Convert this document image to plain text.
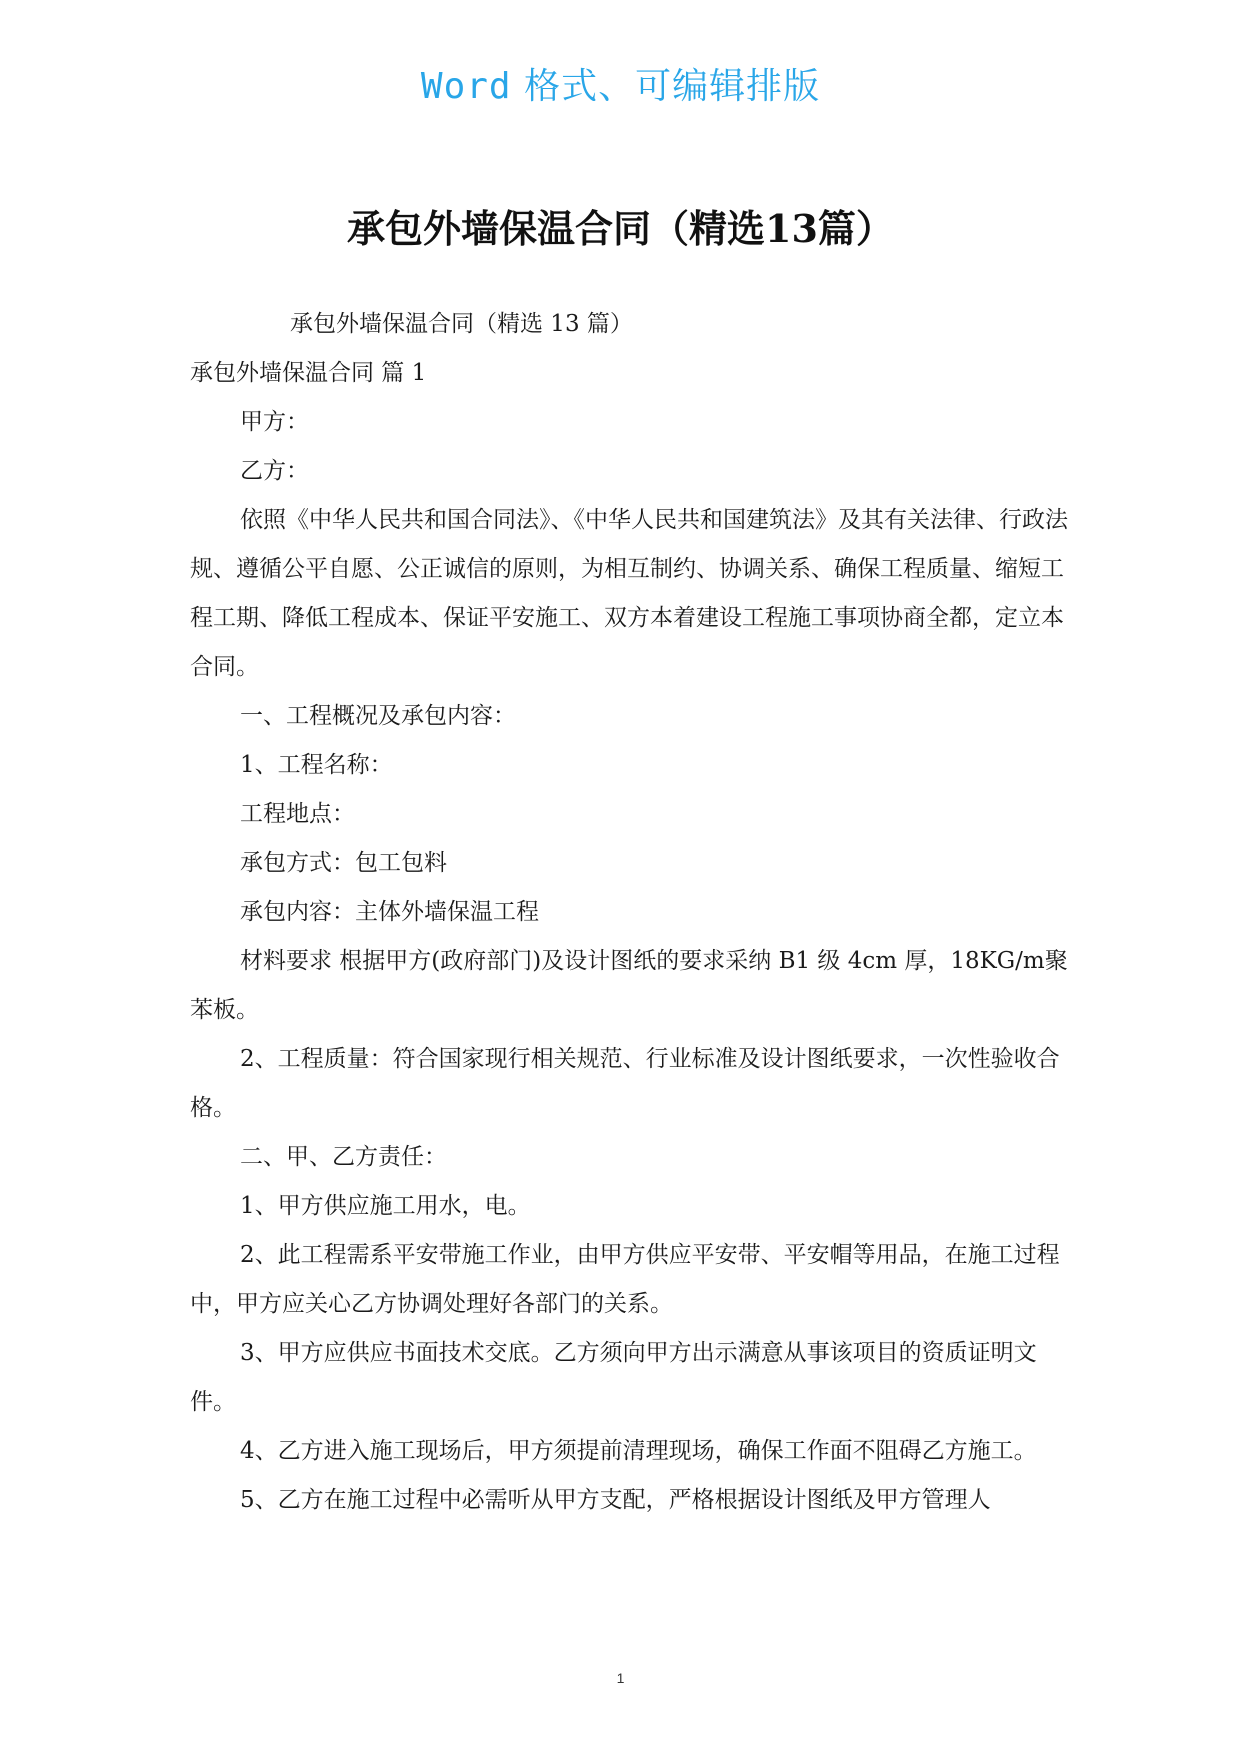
Word 格式、可编辑排版
承包外墙保温合同（精选13篇）

承包外墙保温合同（精选 13 篇）

承包外墙保温合同 篇 1

甲方：

乙方：

依照《中华人民共和国合同法》、《中华人民共和国建筑法》及其有关法律、行政法规、遵循公平自愿、公正诚信的原则，为相互制约、协调关系、确保工程质量、缩短工程工期、降低工程成本、保证平安施工、双方本着建设工程施工事项协商全都，定立本合同。

一、工程概况及承包内容：

1、工程名称：

工程地点：

承包方式：包工包料

承包内容：主体外墙保温工程

材料要求 根据甲方(政府部门)及设计图纸的要求采纳 B1 级 4cm 厚，18KG/m聚苯板。

2、工程质量：符合国家现行相关规范、行业标准及设计图纸要求，一次性验收合格。

二、甲、乙方责任：

1、甲方供应施工用水，电。

2、此工程需系平安带施工作业，由甲方供应平安带、平安帽等用品，在施工过程中，甲方应关心乙方协调处理好各部门的关系。

3、甲方应供应书面技术交底。乙方须向甲方出示满意从事该项目的资质证明文件。

4、乙方进入施工现场后，甲方须提前清理现场，确保工作面不阻碍乙方施工。

5、乙方在施工过程中必需听从甲方支配，严格根据设计图纸及甲方管理人

1
